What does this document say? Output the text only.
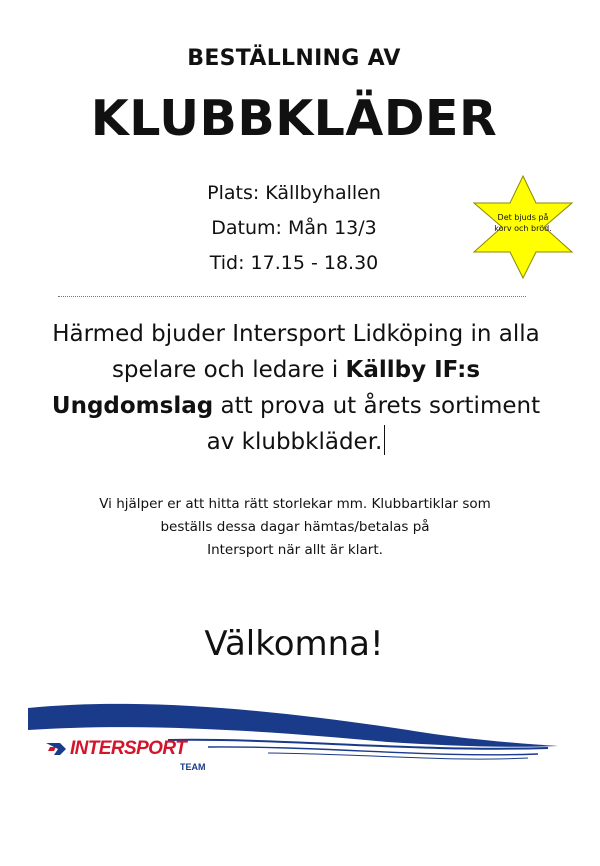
BESTÄLLNING AV
KLUBBKLÄDER
Plats: Källbyhallen
Datum: Mån 13/3
Tid: 17.15 - 18.30
Det bjuds på
korv och bröd.
Härmed bjuder Intersport Lidköping in alla spelare och ledare i Källby IF:s Ungdomslag att prova ut årets sortiment av klubbkläder.
Vi hjälper er att hitta rätt storlekar mm. Klubbartiklar som
beställs dessa dagar hämtas/betalas på
Intersport när allt är klart.
Välkomna!
INTERSPORT
TEAM
